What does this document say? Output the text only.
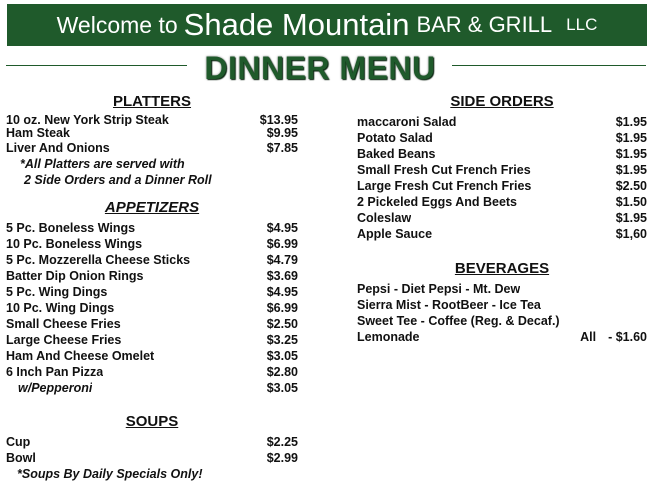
Welcome to Shade Mountain BAR & GRILL LLC
DINNER MENU
PLATTERS
10 oz. New York Strip Steak	$13.95
Ham Steak	$9.95
Liver And Onions	$7.85
*All Platters are served with
2 Side Orders and a Dinner Roll
APPETIZERS
5 Pc. Boneless Wings	$4.95
10 Pc. Boneless Wings	$6.99
5 Pc. Mozzerella Cheese Sticks	$4.79
Batter Dip Onion Rings	$3.69
5 Pc. Wing Dings	$4.95
10 Pc. Wing Dings	$6.99
Small Cheese Fries	$2.50
Large Cheese Fries	$3.25
Ham And Cheese Omelet	$3.05
6 Inch Pan Pizza	$2.80
w/Pepperoni	$3.05
SOUPS
Cup	$2.25
Bowl	$2.99
*Soups By Daily Specials Only!
SIDE ORDERS
maccaroni Salad	$1.95
Potato Salad	$1.95
Baked Beans	$1.95
Small Fresh Cut French Fries	$1.95
Large Fresh Cut French Fries	$2.50
2 Pickeled Eggs And Beets	$1.50
Coleslaw	$1.95
Apple Sauce	$1,60
BEVERAGES
Pepsi - Diet Pepsi - Mt. Dew
Sierra Mist - RootBeer - Ice Tea
Sweet Tee - Coffee (Reg. & Decaf.)
Lemonade	All - $1.60
